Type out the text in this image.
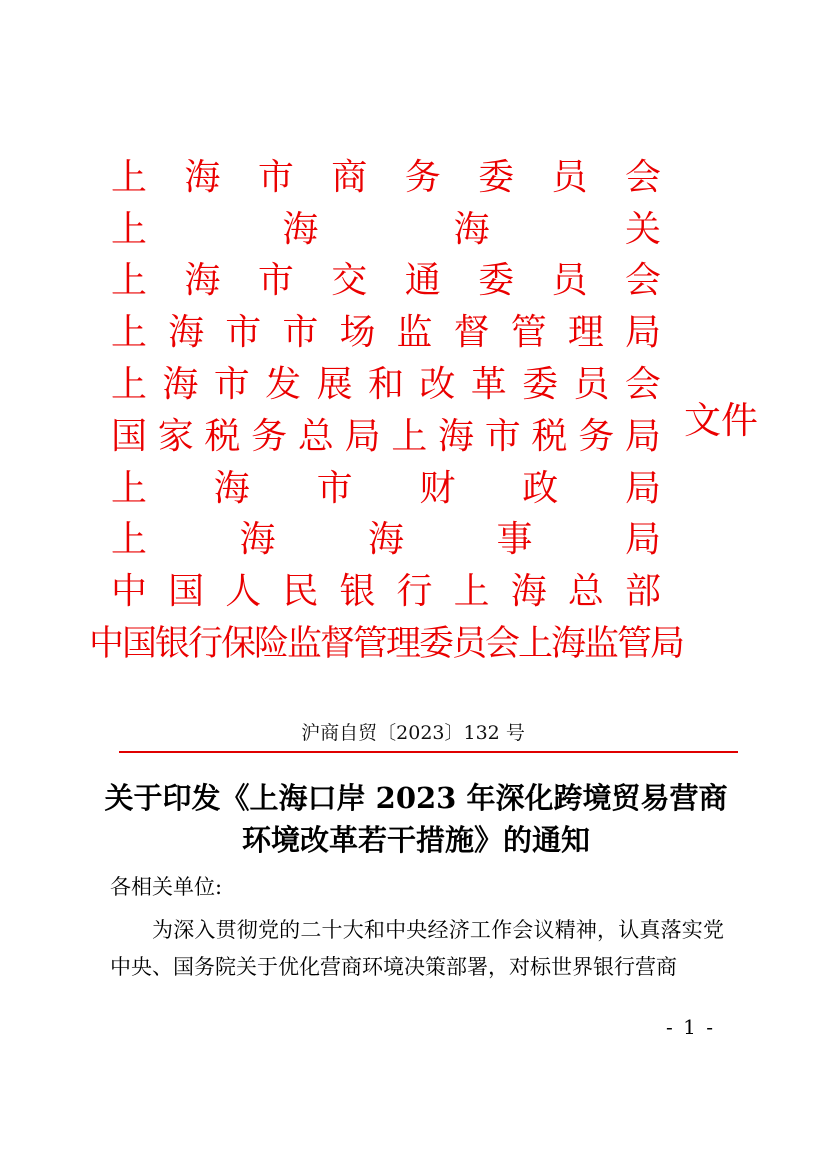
上 海 市 商 务 委 员 会
上	海	海	关
上 海 市 交 通 委 员 会
上 海 市 市 场 监 督 管 理 局
上 海 市 发 展 和 改 革 委 员 会
国 家 税 务 总 局 上 海 市 税 务 局
上 海 市 财 政 局
上	海	海	事	局
中 国 人 民 银 行 上 海 总 部
中国银行保险监督管理委员会上海监管局
文件
沪商自贸〔2023〕132 号
关于印发《上海口岸 2023 年深化跨境贸易营商环境改革若干措施》的通知
各相关单位:
为深入贯彻党的二十大和中央经济工作会议精神，认真落实党中央、国务院关于优化营商环境决策部署，对标世界银行营商
- 1 -
